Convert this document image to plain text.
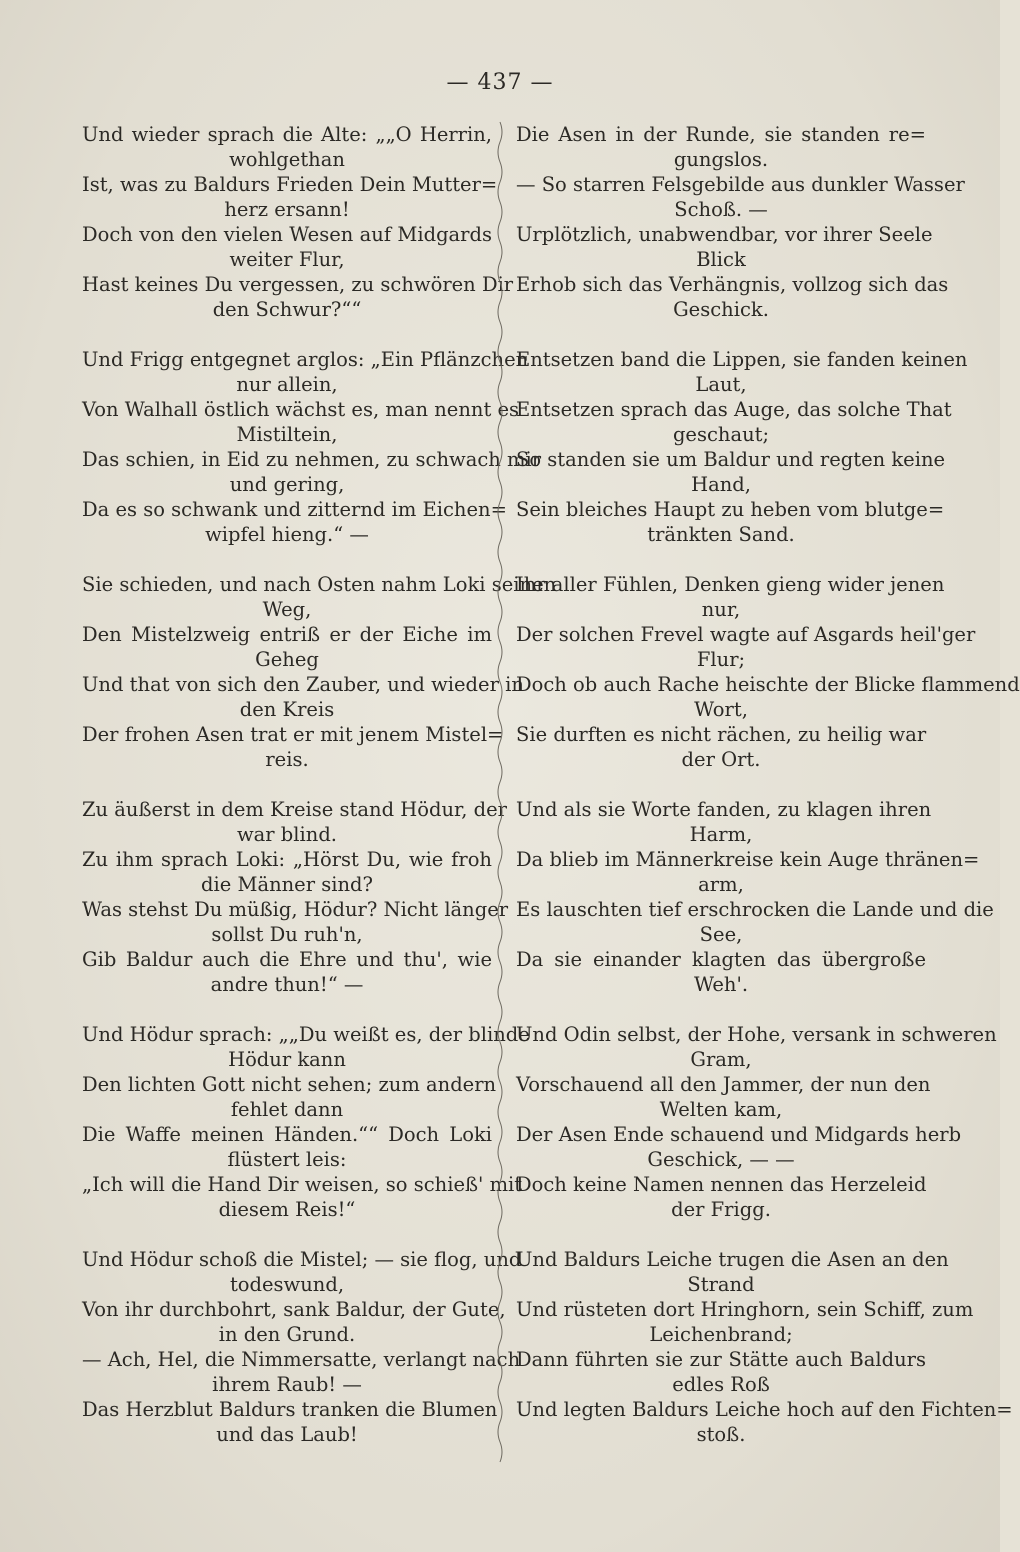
— 437 —
Und wieder sprach die Alte: „„O Herrin,
wohlgethan
Ist, was zu Baldurs Frieden Dein Mutter=
herz ersann!
Doch von den vielen Wesen auf Midgards
weiter Flur,
Hast keines Du vergessen, zu schwören Dir
den Schwur?““
Und Frigg entgegnet arglos: „Ein Pflänzchen
nur allein,
Von Walhall östlich wächst es, man nennt es
Mistiltein,
Das schien, in Eid zu nehmen, zu schwach mir
und gering,
Da es so schwank und zitternd im Eichen=
wipfel hieng.“ —
Sie schieden, und nach Osten nahm Loki seinen
Weg,
Den Mistelzweig entriß er der Eiche im
Geheg
Und that von sich den Zauber, und wieder in
den Kreis
Der frohen Asen trat er mit jenem Mistel=
reis.
Zu äußerst in dem Kreise stand Hödur, der
war blind.
Zu ihm sprach Loki: „Hörst Du, wie froh
die Männer sind?
Was stehst Du müßig, Hödur? Nicht länger
sollst Du ruh'n,
Gib Baldur auch die Ehre und thu', wie
andre thun!“ —
Und Hödur sprach: „„Du weißt es, der blinde
Hödur kann
Den lichten Gott nicht sehen; zum andern
fehlet dann
Die Waffe meinen Händen.““ Doch Loki
flüstert leis:
„Ich will die Hand Dir weisen, so schieß' mit
diesem Reis!“
Und Hödur schoß die Mistel; — sie flog, und
todeswund,
Von ihr durchbohrt, sank Baldur, der Gute,
in den Grund.
— Ach, Hel, die Nimmersatte, verlangt nach
ihrem Raub! —
Das Herzblut Baldurs tranken die Blumen
und das Laub!
Die Asen in der Runde, sie standen re=
gungslos.
— So starren Felsgebilde aus dunkler Wasser
Schoß. —
Urplötzlich, unabwendbar, vor ihrer Seele
Blick
Erhob sich das Verhängnis, vollzog sich das
Geschick.
Entsetzen band die Lippen, sie fanden keinen
Laut,
Entsetzen sprach das Auge, das solche That
geschaut;
So standen sie um Baldur und regten keine
Hand,
Sein bleiches Haupt zu heben vom blutge=
tränkten Sand.
Ihr aller Fühlen, Denken gieng wider jenen
nur,
Der solchen Frevel wagte auf Asgards heil'ger
Flur;
Doch ob auch Rache heischte der Blicke flammend
Wort,
Sie durften es nicht rächen, zu heilig war
der Ort.
Und als sie Worte fanden, zu klagen ihren
Harm,
Da blieb im Männerkreise kein Auge thränen=
arm,
Es lauschten tief erschrocken die Lande und die
See,
Da sie einander klagten das übergroße
Weh'.
Und Odin selbst, der Hohe, versank in schweren
Gram,
Vorschauend all den Jammer, der nun den
Welten kam,
Der Asen Ende schauend und Midgards herb
Geschick, — —
Doch keine Namen nennen das Herzeleid
der Frigg.
Und Baldurs Leiche trugen die Asen an den
Strand
Und rüsteten dort Hringhorn, sein Schiff, zum
Leichenbrand;
Dann führten sie zur Stätte auch Baldurs
edles Roß
Und legten Baldurs Leiche hoch auf den Fichten=
stoß.
